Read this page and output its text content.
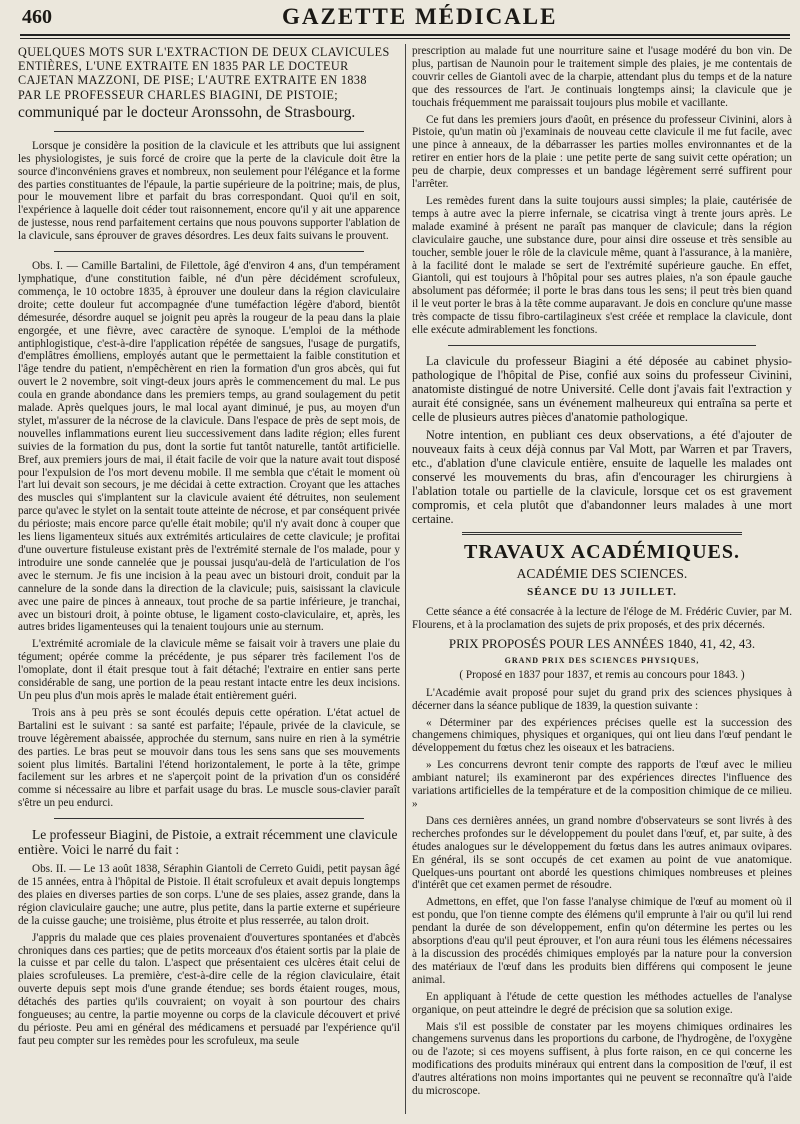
460	GAZETTE MÉDICALE

QUELQUES MOTS SUR L'EXTRACTION DE DEUX CLAVICULES

ENTIÈRES, L'UNE EXTRAITE EN 1835 PAR LE DOCTEUR

CAJETAN MAZZONI, DE PISE; L'AUTRE EXTRAITE EN 1838

PAR LE PROFESSEUR CHARLES BIAGINI, DE PISTOIE;

communiqué par le docteur Aronssohn, de Strasbourg.

Lorsque je considère la position de la clavicule et les attributs que lui assignent les physiologistes, je suis forcé de croire que la perte de la clavicule doit être la source d'inconvéniens graves et nombreux, non seulement pour l'élégance et la forme des parties constituantes de l'épaule, la partie supérieure de la poitrine; mais, de plus, pour le mouvement libre et parfait du bras correspondant. Quoi qu'il en soit, l'expérience à laquelle doit céder tout raisonnement, encore qu'il y ait une apparence de justesse, nous rend parfaitement certains que nous pouvons supporter l'ablation de la clavicule, sans éprouver de graves désordres. Les deux faits suivans le prouvent.

Obs. I. — Camille Bartalini, de Filettole, âgé d'environ 4 ans, d'un tempérament lymphatique, d'une constitution faible, né d'un père décidément scrofuleux, commença, le 10 octobre 1835, à éprouver une douleur dans la région claviculaire droite; cette douleur fut accompagnée d'une tuméfaction légère d'abord, bientôt démesurée, désordre auquel se joignit peu après la rougeur de la peau dans la plaie engorgée, et une fièvre, avec caractère de synoque. L'emploi de la méthode antiphlogistique, c'est-à-dire l'application répétée de sangsues, l'usage de purgatifs, d'emplâtres émolliens, employés autant que le permettaient la faible constitution et l'âge tendre du patient, n'empêchèrent en rien la formation d'un gros abcès, qui fut ouvert le 2 novembre, soit vingt-deux jours après le commencement du mal. Le pus coula en grande abondance dans les premiers temps, au grand soulagement du petit malade. Après quelques jours, le mal local ayant diminué, je pus, au moyen d'un stylet, m'assurer de la nécrose de la clavicule. Dans l'espace de près de sept mois, de nouvelles inflammations eurent lieu successivement dans ladite région; elles furent suivies de la formation du pus, dont la sortie fut tantôt naturelle, tantôt artificielle. Bref, aux premiers jours de mai, il était facile de voir que la nature avait tout disposé pour l'expulsion de l'os mort devenu mobile. Il me sembla que c'était le moment où l'art lui devait son secours, je me décidai à cette extraction. Croyant que les attaches des muscles qui s'implantent sur la clavicule avaient été détruites, non seulement parce qu'avec le stylet on la sentait toute atteinte de nécrose, et par conséquent privée du périoste; mais encore parce qu'elle était mobile; qu'il n'y avait donc à couper que les liens ligamenteux situés aux extrémités articulaires de cette clavicule; je profitai d'une ouverture fistuleuse existant près de l'extrémité sternale de l'os malade, pour y introduire une sonde cannelée que je poussai jusqu'au-delà de l'articulation de l'os avec le sternum. Je fis une incision à la peau avec un bistouri droit, conduit par la cannelure de la sonde dans la direction de la clavicule; puis, saisissant la clavicule avec une paire de pinces à anneaux, tout proche de sa partie inférieure, je tranchai, avec un bistouri droit, à pointe obtuse, le ligament costo-claviculaire, et, après, les autres brides ligamenteuses qui la tenaient toujours unie au sternum.

L'extrémité acromiale de la clavicule même se faisait voir à travers une plaie du tégument; opérée comme la précédente, je pus séparer très facilement l'os de l'omoplate, dont il était presque tout à fait détaché; l'extraire en entier sans perte considérable de sang, une portion de la peau restant intacte entre les deux incisions. Un peu plus d'un mois après le malade était entièrement guéri.

Trois ans à peu près se sont écoulés depuis cette opération. L'état actuel de Bartalini est le suivant : sa santé est parfaite; l'épaule, privée de la clavicule, se trouve légèrement abaissée, approchée du sternum, sans nuire en rien à la symétrie des parties. Le bras peut se mouvoir dans tous les sens sans que ses mouvements soient plus limités. Bartalini l'étend horizontalement, le porte à la tête, grimpe facilement sur les arbres et ne s'aperçoit point de la privation d'un os considéré comme si nécessaire au libre et parfait usage du bras. Le muscle sous-clavier paraît s'être un peu endurci.

Le professeur Biagini, de Pistoie, a extrait récemment une clavicule entière. Voici le narré du fait :

Obs. II. — Le 13 août 1838, Séraphin Giantoli de Cerreto Guidi, petit paysan âgé de 15 années, entra à l'hôpital de Pistoie. Il était scrofuleux et avait depuis longtemps des plaies en diverses parties de son corps. L'une de ses plaies, assez grande, dans la région claviculaire gauche; une autre, plus petite, dans la partie externe et supérieure de la cuisse gauche; une troisième, plus étroite et plus resserrée, au talon droit.

J'appris du malade que ces plaies provenaient d'ouvertures spontanées et d'abcès chroniques dans ces parties; que de petits morceaux d'os étaient sortis par la plaie de la cuisse et par celle du talon. L'aspect que présentaient ces ulcères était celui de plaies scrofuleuses. La première, c'est-à-dire celle de la région claviculaire, était ouverte depuis sept mois d'une grande étendue; ses bords étaient rouges, mous, détachés des parties qu'ils couvraient; on voyait à son pourtour des chairs fongueuses; au centre, la partie moyenne ou corps de la clavicule découvert et privé du périoste. Peu ami en général des médicamens et persuadé par l'expérience qu'il faut peu compter sur les remèdes pour les scrofuleux, ma seule

prescription au malade fut une nourriture saine et l'usage modéré du bon vin. De plus, partisan de Naunoin pour le traitement simple des plaies, je me contentais de couvrir celles de Giantoli avec de la charpie, attendant plus du temps et de la nature que des ressources de l'art. Je continuais longtemps ainsi; la clavicule que je touchais fréquemment me paraissait toujours plus mobile et vacillante.

Ce fut dans les premiers jours d'août, en présence du professeur Civinini, alors à Pistoie, qu'un matin où j'examinais de nouveau cette clavicule il me fut facile, avec une pince à anneaux, de la débarrasser les parties molles environnantes et de la retirer en entier hors de la plaie : une petite perte de sang suivit cette opération; un peu de charpie, deux compresses et un bandage légèrement serré suffirent pour l'arrêter.

Les remèdes furent dans la suite toujours aussi simples; la plaie, cautérisée de temps à autre avec la pierre infernale, se cicatrisa vingt à trente jours après. Le malade examiné à présent ne paraît pas manquer de clavicule; dans la région claviculaire gauche, une substance dure, pour ainsi dire osseuse et très sensible au toucher, semble jouer le rôle de la clavicule même, quant à l'assurance, à la manière, à la facilité dont le malade se sert de l'extrémité supérieure gauche. En effet, Giantoli, qui est toujours à l'hôpital pour ses autres plaies, n'a son épaule gauche absolument pas déformée; il porte le bras dans tous les sens; il peut très bien quand il le veut porter le bras à la tête comme auparavant. Je dois en conclure qu'une masse très compacte de tissu fibro-cartilagineux s'est créée et remplace la clavicule, dont elle exécute admirablement les fonctions.

La clavicule du professeur Biagini a été déposée au cabinet physio-pathologique de l'hôpital de Pise, confié aux soins du professeur Civinini, anatomiste distingué de notre Université. Celle dont j'avais fait l'extraction y aurait été consignée, sans un événement malheureux qui entraîna sa perte et celle de plusieurs autres pièces d'anatomie pathologique.

Notre intention, en publiant ces deux observations, a été d'ajouter de nouveaux faits à ceux déjà connus par Val Mott, par Warren et par Travers, etc., d'ablation d'une clavicule entière, ensuite de laquelle les malades ont conservé les mouvements du bras, afin d'encourager les chirurgiens à l'ablation totale ou partielle de la clavicule, lorsque cet os est gravement compromis, et cela plutôt que d'abandonner leurs malades à une mort certaine.

TRAVAUX ACADÉMIQUES.
ACADÉMIE DES SCIENCES.
SÉANCE DU 13 JUILLET.

Cette séance a été consacrée à la lecture de l'éloge de M. Frédéric Cuvier, par M. Flourens, et à la proclamation des sujets de prix proposés, et des prix décernés.

PRIX PROPOSÉS POUR LES ANNÉES 1840, 41, 42, 43.
GRAND PRIX DES SCIENCES PHYSIQUES,
( Proposé en 1837 pour 1837, et remis au concours pour 1843. )

L'Académie avait proposé pour sujet du grand prix des sciences physiques à décerner dans la séance publique de 1839, la question suivante :

« Déterminer par des expériences précises quelle est la succession des changemens chimiques, physiques et organiques, qui ont lieu dans l'œuf pendant le développement du fœtus chez les oiseaux et les batraciens.

» Les concurrens devront tenir compte des rapports de l'œuf avec le milieu ambiant naturel; ils examineront par des expériences directes l'influence des variations artificielles de la température et de la composition chimique de ce milieu. »

Dans ces dernières années, un grand nombre d'observateurs se sont livrés à des recherches profondes sur le développement du poulet dans l'œuf, et, par suite, à des études analogues sur le développement du fœtus dans les autres animaux ovipares. En général, ils se sont occupés de cet examen au point de vue anatomique. Quelques-uns pourtant ont abordé les questions chimiques nombreuses et pleines d'intérêt que cet examen permet de résoudre.

Admettons, en effet, que l'on fasse l'analyse chimique de l'œuf au moment où il est pondu, que l'on tienne compte des élémens qu'il emprunte à l'air ou qu'il lui rend pendant la durée de son développement, enfin qu'on détermine les pertes ou les absorptions d'eau qu'il peut éprouver, et l'on aura réuni tous les élémens nécessaires à la discussion des procédés chimiques employés par la nature pour la conversion des matériaux de l'œuf dans les produits bien différens qui composent le jeune animal.

En appliquant à l'étude de cette question les méthodes actuelles de l'analyse organique, on peut atteindre le degré de précision que sa solution exige.

Mais s'il est possible de constater par les moyens chimiques ordinaires les changemens survenus dans les proportions du carbone, de l'hydrogène, de l'oxygène ou de l'azote; si ces moyens suffisent, à plus forte raison, en ce qui concerne les modifications des produits minéraux qui entrent dans la composition de l'œuf, il est d'autres altérations non moins importantes qui ne peuvent se reconnaître qu'à l'aide du microscope.
